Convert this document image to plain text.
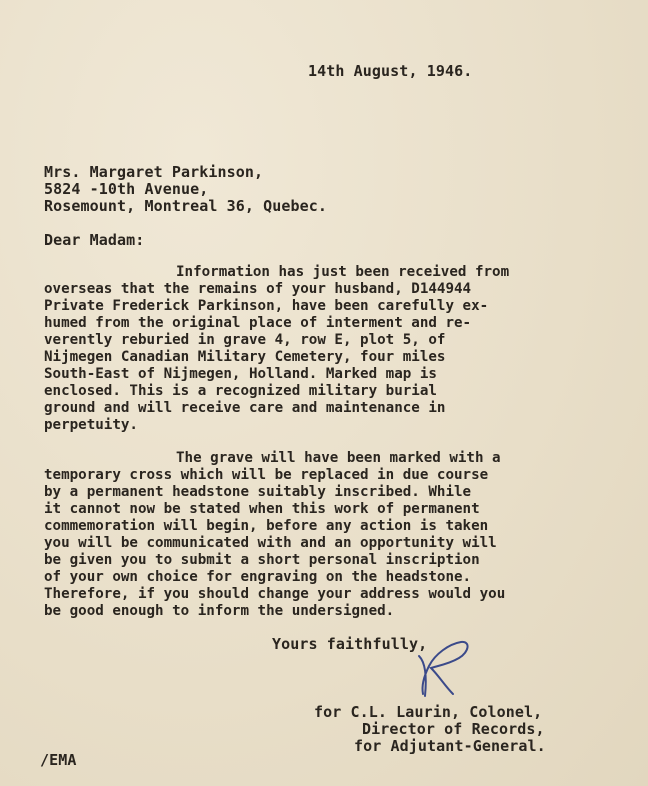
14th August, 1946.
Mrs. Margaret Parkinson,
5824 -10th Avenue,
Rosemount, Montreal 36, Quebec.
Dear Madam:
Information has just been received from
overseas that the remains of your husband, D144944
Private Frederick Parkinson, have been carefully ex-
humed from the original place of interment and re-
verently reburied in grave 4, row E, plot 5, of
Nijmegen Canadian Military Cemetery, four miles
South-East of Nijmegen, Holland. Marked map is
enclosed. This is a recognized military burial
ground and will receive care and maintenance in
perpetuity.
The grave will have been marked with a
temporary cross which will be replaced in due course
by a permanent headstone suitably inscribed. While
it cannot now be stated when this work of permanent
commemoration will begin, before any action is taken
you will be communicated with and an opportunity will
be given you to submit a short personal inscription
of your own choice for engraving on the headstone.
Therefore, if you should change your address would you
be good enough to inform the undersigned.
Yours faithfully,
for C.L. Laurin, Colonel,
Director of Records,
for Adjutant-General.
/EMA
